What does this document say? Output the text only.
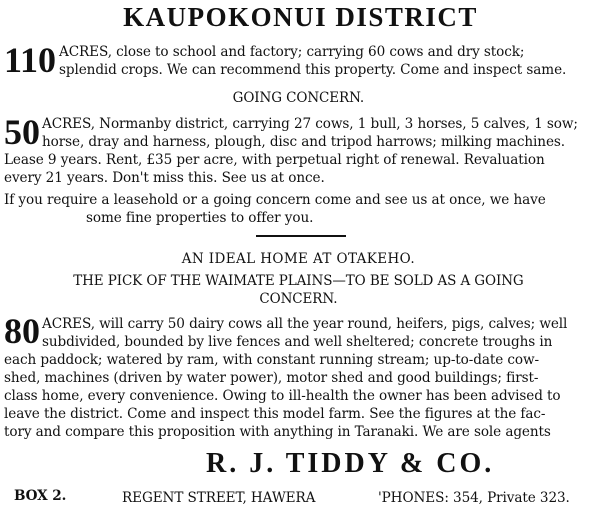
KAUPOKONUI DISTRICT
110 ACRES, close to school and factory; carrying 60 cows and dry stock;
splendid crops. We can recommend this property. Come and inspect same.
GOING CONCERN.
50 ACRES, Normanby district, carrying 27 cows, 1 bull, 3 horses, 5 calves, 1 sow;
horse, dray and harness, plough, disc and tripod harrows; milking machines.
Lease 9 years. Rent, £35 per acre, with perpetual right of renewal. Revaluation
every 21 years. Don't miss this. See us at once.
If you require a leasehold or a going concern come and see us at once, we have
some fine properties to offer you.
AN IDEAL HOME AT OTAKEHO.
THE PICK OF THE WAIMATE PLAINS—TO BE SOLD AS A GOING
CONCERN.
80 ACRES, will carry 50 dairy cows all the year round, heifers, pigs, calves; well
subdivided, bounded by live fences and well sheltered; concrete troughs in
each paddock; watered by ram, with constant running stream; up-to-date cow-
shed, machines (driven by water power), motor shed and good buildings; first-
class home, every convenience. Owing to ill-health the owner has been advised to
leave the district. Come and inspect this model farm. See the figures at the fac-
tory and compare this proposition with anything in Taranaki. We are sole agents
R. J. TIDDY & CO.
BOX 2.	REGENT STREET, HAWERA	'PHONES: 354, Private 323.
